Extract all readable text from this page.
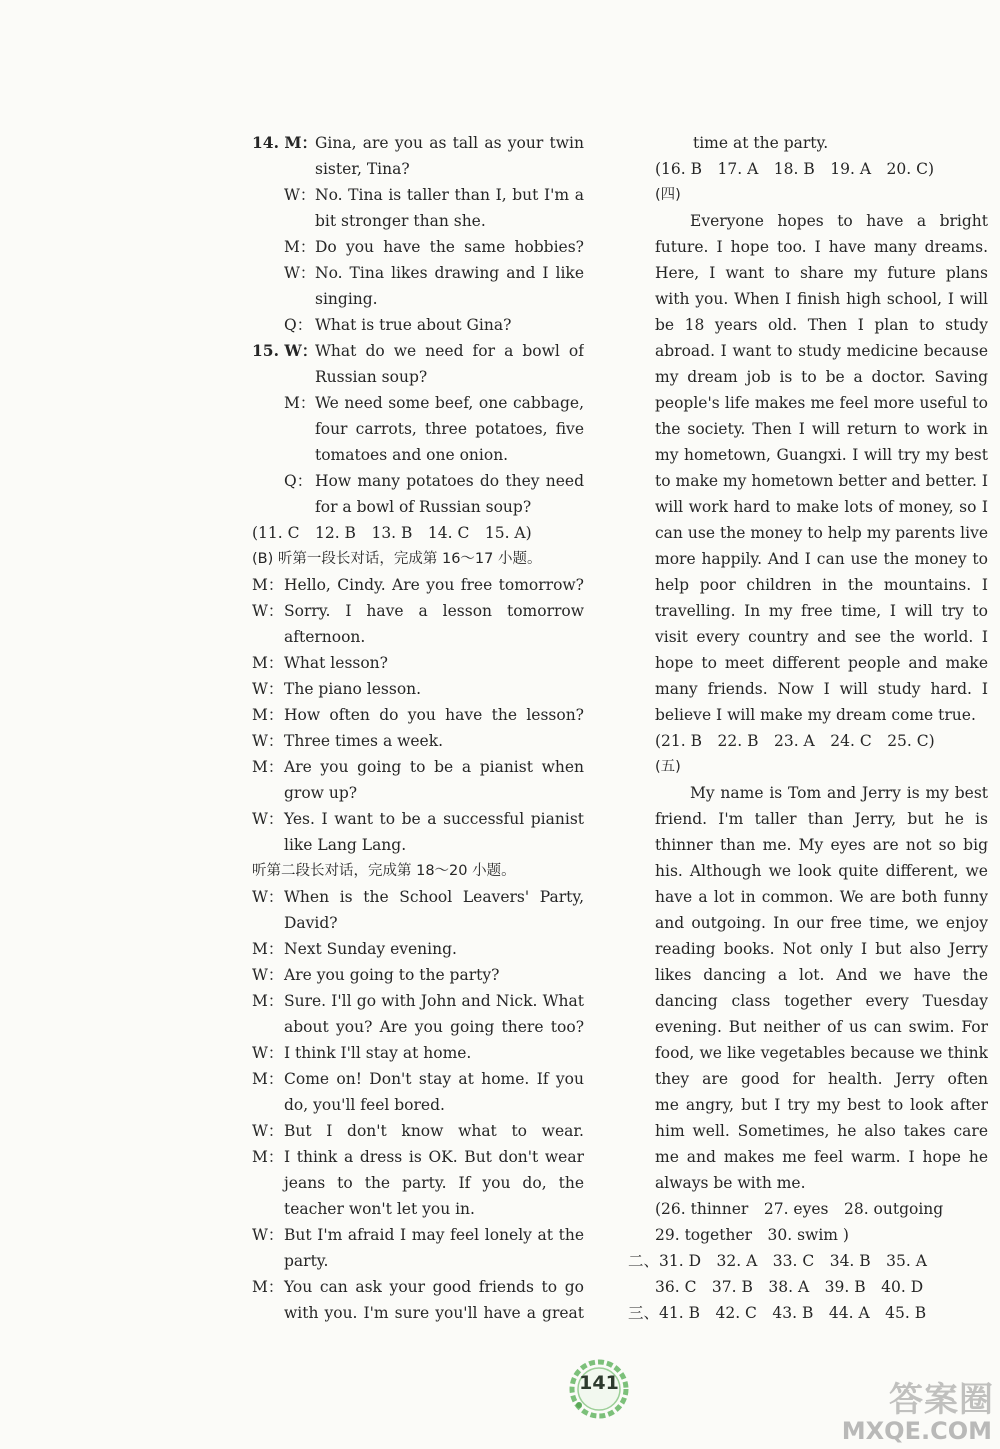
14. M：
Gina, are you as tall as your twin
sister, Tina?
W： No. Tina is taller than I, but I'm a
bit stronger than she.
M： Do you have the same hobbies?
W： No. Tina likes drawing and I like
singing.
Q： What is true about Gina?
15. W：
What do we need for a bowl of
Russian soup?
M： We need some beef, one cabbage,
four carrots, three potatoes, five
tomatoes and one onion.
Q： How many potatoes do they need
for a bowl of Russian soup?
(11. C　12. B　13. B　14. C　15. A)
(B) 听第一段长对话，完成第 16～17 小题。
M： Hello, Cindy. Are you free tomorrow?
W： Sorry. I have a lesson tomorrow
afternoon.
M： What lesson?
W： The piano lesson.
M： How often do you have the lesson?
W： Three times a week.
M： Are you going to be a pianist when
grow up?
W： Yes. I want to be a successful pianist
like Lang Lang.
听第二段长对话，完成第 18～20 小题。
W： When is the School Leavers' Party,
David?
M： Next Sunday evening.
W： Are you going to the party?
M： Sure. I'll go with John and Nick. What
about you? Are you going there too?
W： I think I'll stay at home.
M： Come on! Don't stay at home. If you
do, you'll feel bored.
W： But I don't know what to wear.
M： I think a dress is OK. But don't wear
jeans to the party. If you do, the
teacher won't let you in.
W： But I'm afraid I may feel lonely at the
party.
M： You can ask your good friends to go
with you. I'm sure you'll have a great
time at the party.
(16. B　17. A　18. B　19. A　20. C)
(四)
Everyone hopes to have a bright
future. I hope too. I have many dreams.
Here, I want to share my future plans
with you. When I finish high school, I will
be 18 years old. Then I plan to study
abroad. I want to study medicine because
my dream job is to be a doctor. Saving
people's life makes me feel more useful to
the society. Then I will return to work in
my hometown, Guangxi. I will try my best
to make my hometown better and better. I
will work hard to make lots of money, so I
can use the money to help my parents live
more happily. And I can use the money to
help poor children in the mountains. I
travelling. In my free time, I will try to
visit every country and see the world. I
hope to meet different people and make
many friends. Now I will study hard. I
believe I will make my dream come true.
(21. B　22. B　23. A　24. C　25. C)
(五)
My name is Tom and Jerry is my best
friend. I'm taller than Jerry, but he is
thinner than me. My eyes are not so big
his. Although we look quite different, we
have a lot in common. We are both funny
and outgoing. In our free time, we enjoy
reading books. Not only I but also Jerry
likes dancing a lot. And we have the
dancing class together every Tuesday
evening. But neither of us can swim. For
food, we like vegetables because we think
they are good for health. Jerry often
me angry, but I try my best to look after
him well. Sometimes, he also takes care
me and makes me feel warm. I hope he
always be with me.
(26. thinner　27. eyes　28. outgoing
29. together　30. swim )
二、31. D　32. A　33. C　34. B　35. A
36. C　37. B　38. A　39. B　40. D
三、41. B　42. C　43. B　44. A　45. B
141	答案圈
MXQE.COM
